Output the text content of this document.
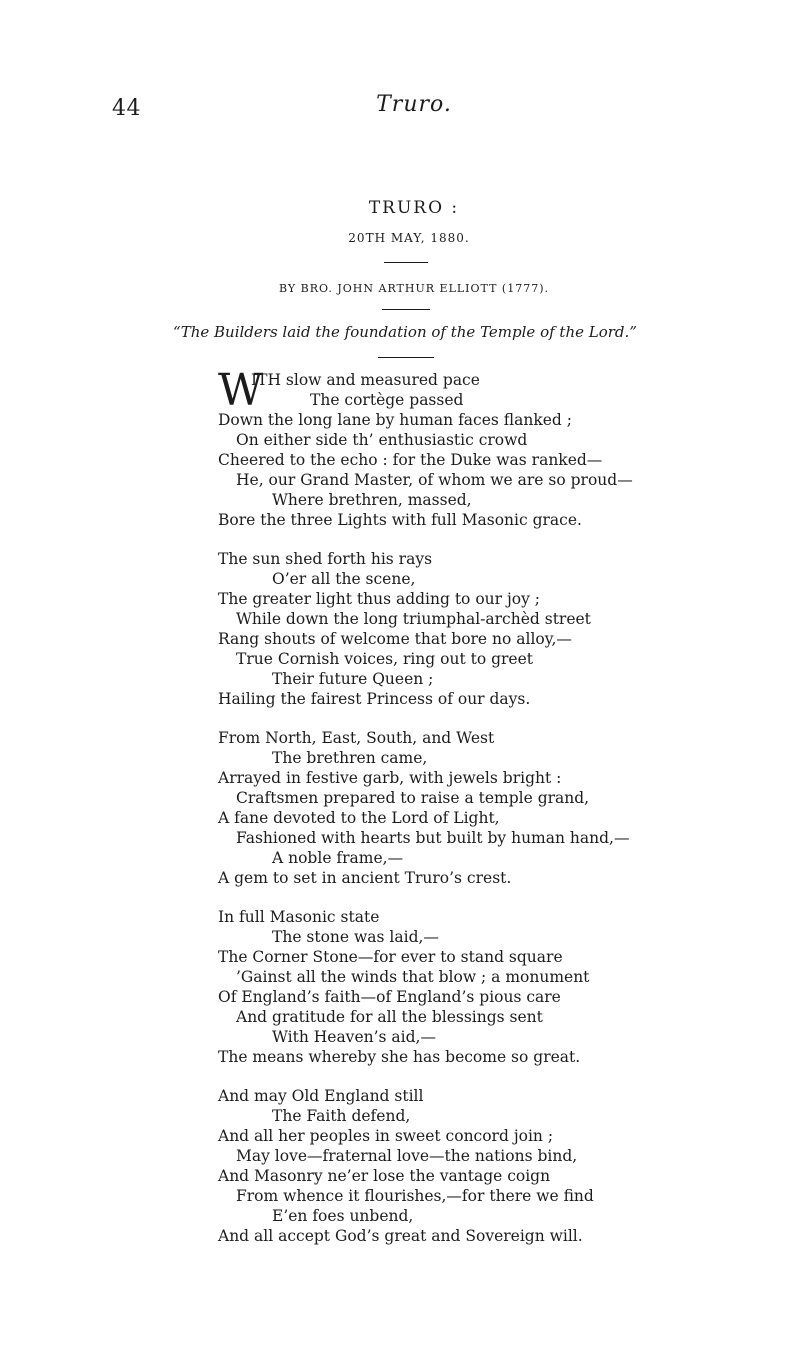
44	Truro.
TRURO :
20TH MAY, 1880.
BY BRO. JOHN ARTHUR ELLIOTT (1777).
“The Builders laid the foundation of the Temple of the Lord.”
W
ITH slow and measured pace
The cortège passed
Down the long lane by human faces flanked ;
On either side th’ enthusiastic crowd
Cheered to the echo : for the Duke was ranked—
He, our Grand Master, of whom we are so proud—
Where brethren, massed,
Bore the three Lights with full Masonic grace.
The sun shed forth his rays
O’er all the scene,
The greater light thus adding to our joy ;
While down the long triumphal-archèd street
Rang shouts of welcome that bore no alloy,—
True Cornish voices, ring out to greet
Their future Queen ;
Hailing the fairest Princess of our days.
From North, East, South, and West
The brethren came,
Arrayed in festive garb, with jewels bright :
Craftsmen prepared to raise a temple grand,
A fane devoted to the Lord of Light,
Fashioned with hearts but built by human hand,—
A noble frame,—
A gem to set in ancient Truro’s crest.
In full Masonic state
The stone was laid,—
The Corner Stone—for ever to stand square
’Gainst all the winds that blow ; a monument
Of England’s faith—of England’s pious care
And gratitude for all the blessings sent
With Heaven’s aid,—
The means whereby she has become so great.
And may Old England still
The Faith defend,
And all her peoples in sweet concord join ;
May love—fraternal love—the nations bind,
And Masonry ne’er lose the vantage coign
From whence it flourishes,—for there we find
E’en foes unbend,
And all accept God’s great and Sovereign will.
